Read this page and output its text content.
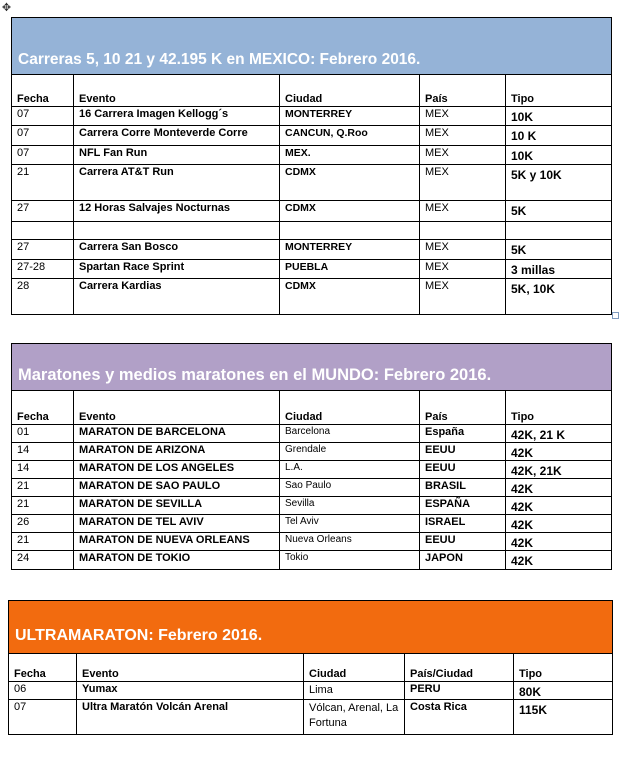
✥
Carreras 5, 10 21 y 42.195 K en MEXICO: Febrero 2016.				
Fecha	Evento	Ciudad	País	Tipo
07	16 Carrera Imagen Kellogg´s	MONTERREY	MEX	10K
07	Carrera Corre Monteverde Corre	CANCUN, Q.Roo	MEX	10 K
07	NFL Fan Run	MEX.	MEX	10K
21	Carrera AT&T Run	CDMX	MEX	5K y 10K
27	12 Horas Salvajes Nocturnas	CDMX	MEX	5K

27	Carrera San Bosco	MONTERREY	MEX	5K
27-28	Spartan Race Sprint	PUEBLA	MEX	3 millas
28	Carrera Kardias	CDMX	MEX	5K, 10K
Maratones y medios maratones en el MUNDO: Febrero 2016.				
Fecha	Evento	Ciudad	País	Tipo
01	MARATON DE BARCELONA	Barcelona	España	42K, 21 K
14	MARATON DE ARIZONA	Grendale	EEUU	42K
14	MARATON DE LOS ANGELES	L.A.	EEUU	42K, 21K
21	MARATON DE SAO PAULO	Sao Paulo	BRASIL	42K
21	MARATON DE SEVILLA	Sevilla	ESPAÑA	42K
26	MARATON DE TEL AVIV	Tel Aviv	ISRAEL	42K
21	MARATON DE NUEVA ORLEANS	Nueva Orleans	EEUU	42K
24	MARATON DE TOKIO	Tokio	JAPON	42K
ULTRAMARATON: Febrero 2016.				
Fecha	Evento	Ciudad	País/Ciudad	Tipo
06	Yumax	Lima	PERU	80K
07	Ultra Maratón Volcán Arenal	Vólcan, Arenal, La Fortuna	Costa Rica	115K
